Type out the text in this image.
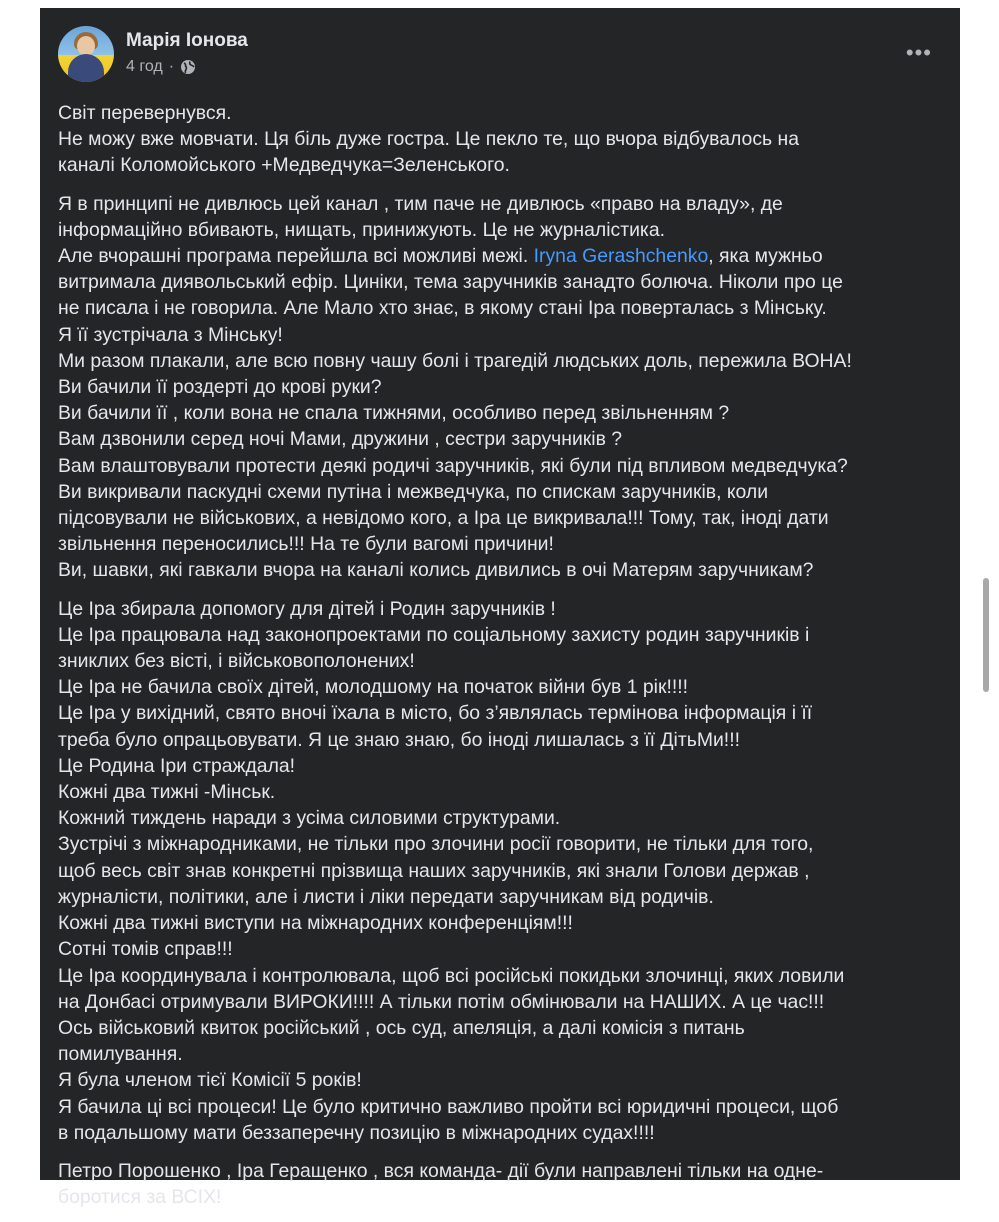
Марія Іонова
4 год ·
•••
Світ перевернувся.
Не можу вже мовчати. Ця біль дуже гостра. Це пекло те, що вчора відбувалось на
каналі Коломойського +Медведчука=Зеленського.
Я в принципі не дивлюсь цей канал , тим паче не дивлюсь «право на владу», де
інформаційно вбивають, нищать, принижують. Це не журналістика.
Але вчорашні програма перейшла всі можливі межі. Iryna Gerashchenko, яка мужньо
витримала диявольський ефір. Циніки, тема заручників занадто болюча. Ніколи про це
не писала і не говорила. Але Мало хто знає, в якому стані Іра поверталась з Мінську.
Я її зустрічала з Мінську!
Ми разом плакали, але всю повну чашу болі і трагедій людських доль, пережила ВОНА!
Ви бачили її роздерті до крові руки?
Ви бачили її , коли вона не спала тижнями, особливо перед звільненням ?
Вам дзвонили серед ночі Мами, дружини , сестри заручників ?
Вам влаштовували протести деякі родичі заручників, які були під впливом медведчука?
Ви викривали паскудні схеми путіна і межведчука, по спискам заручників, коли
підсовували не військових, а невідомо кого, а Іра це викривала!!! Тому, так, іноді дати
звільнення переносились!!! На те були вагомі причини!
Ви, шавки, які гавкали вчора на каналі колись дивились в очі Матерям заручникам?
Це Іра збирала допомогу для дітей і Родин заручників !
Це Іра працювала над законопроектами по соціальному захисту родин заручників і
зниклих без вісті, і військовополонених!
Це Іра не бачила своїх дітей, молодшому на початок війни був 1 рік!!!!
Це Іра у вихідний, свято вночі їхала в місто, бо з’являлась термінова інформація і її
треба було опрацьовувати. Я це знаю знаю, бо іноді лишалась з її ДітьМи!!!
Це Родина Іри страждала!
Кожні два тижні -Мінськ.
Кожний тиждень наради з усіма силовими структурами.
Зустрічі з міжнародниками, не тільки про злочини росії говорити, не тільки для того,
щоб весь світ знав конкретні прізвища наших заручників, які знали Голови держав ,
журналісти, політики, але і листи і ліки передати заручникам від родичів.
Кожні два тижні виступи на міжнародних конференціям!!!
Сотні томів справ!!!
Це Іра координувала і контролювала, щоб всі російські покидьки злочинці, яких ловили
на Донбасі отримували ВИРОКИ!!!! А тільки потім обмінювали на НАШИХ. А це час!!!
Ось військовий квиток російський , ось суд, апеляція, а далі комісія з питань
помилування.
Я була членом тієї Комісії 5 років!
Я бачила ці всі процеси! Це було критично важливо пройти всі юридичні процеси, щоб
в подальшому мати беззаперечну позицію в міжнародних судах!!!!
Петро Порошенко , Іра Геращенко , вся команда- дії були направлені тільки на одне-
боротися за ВСІХ!
